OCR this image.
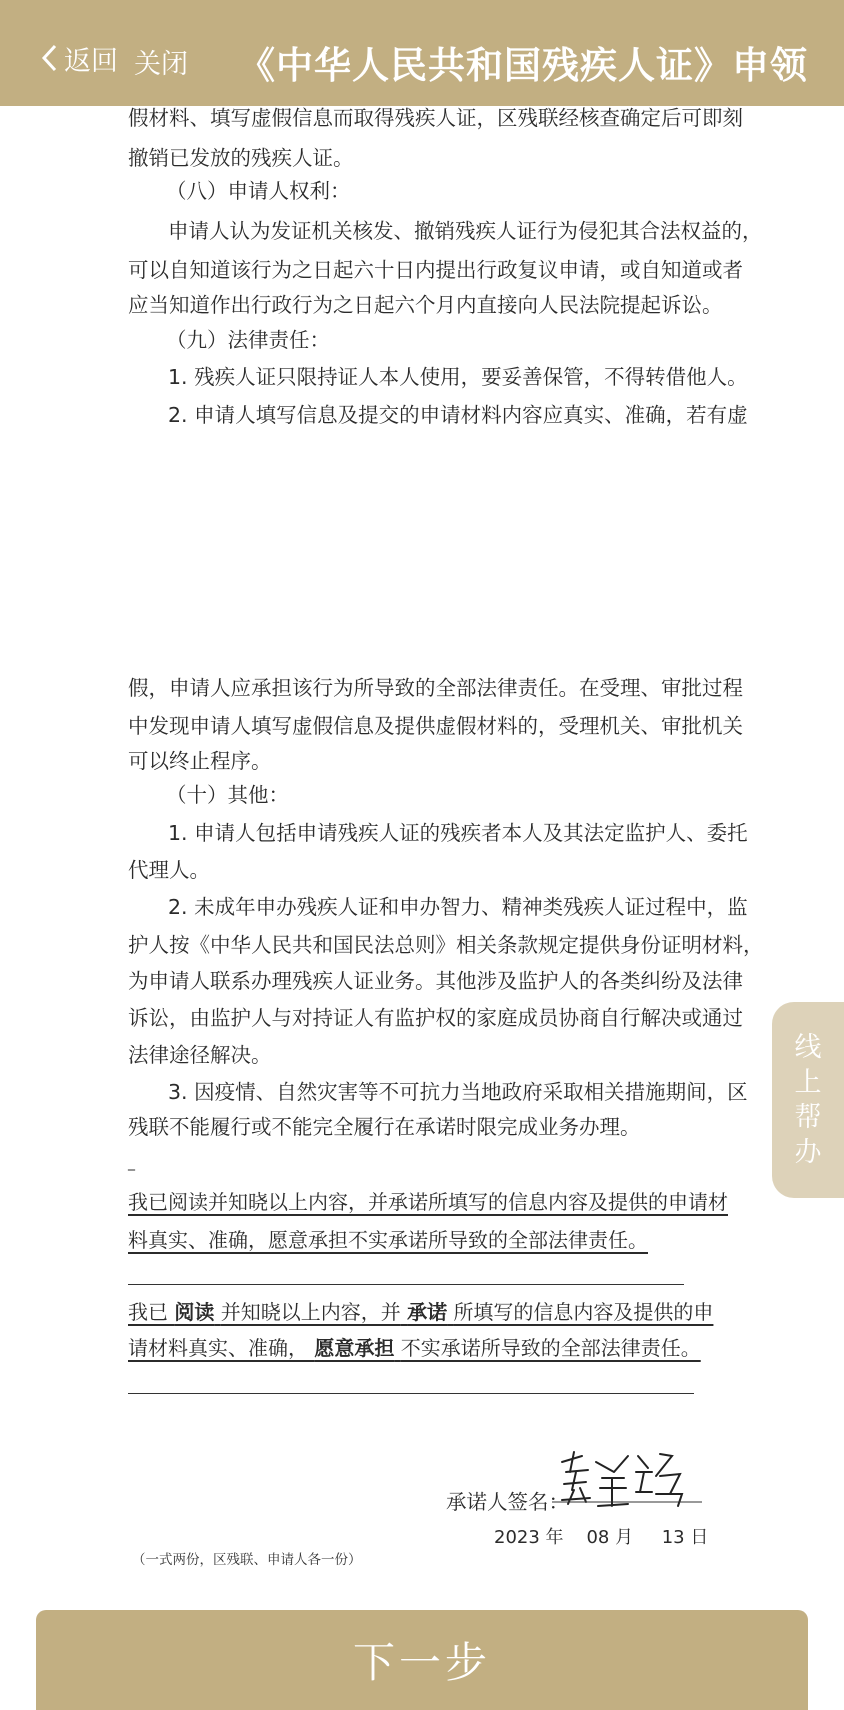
返回 关闭 《中华人民共和国残疾人证》申领
假材料、填写虚假信息而取得残疾人证，区残联经核查确定后可即刻
撤销已发放的残疾人证。
（八）申请人权利：
申请人认为发证机关核发、撤销残疾人证行为侵犯其合法权益的，
可以自知道该行为之日起六十日内提出行政复议申请，或自知道或者
应当知道作出行政行为之日起六个月内直接向人民法院提起诉讼。
（九）法律责任：
1. 残疾人证只限持证人本人使用，要妥善保管，不得转借他人。
2. 申请人填写信息及提交的申请材料内容应真实、准确，若有虚
假，申请人应承担该行为所导致的全部法律责任。在受理、审批过程
中发现申请人填写虚假信息及提供虚假材料的，受理机关、审批机关
可以终止程序。
（十）其他：
1. 申请人包括申请残疾人证的残疾者本人及其法定监护人、委托
代理人。
2. 未成年申办残疾人证和申办智力、精神类残疾人证过程中，监
护人按《中华人民共和国民法总则》相关条款规定提供身份证明材料，
为申请人联系办理残疾人证业务。其他涉及监护人的各类纠纷及法律
诉讼，由监护人与对持证人有监护权的家庭成员协商自行解决或通过
法律途径解决。
3. 因疫情、自然灾害等不可抗力当地政府采取相关措施期间，区
残联不能履行或不能完全履行在承诺时限完成业务办理。
_
我已阅读并知晓以上内容，并承诺所填写的信息内容及提供的申请材
料真实、准确，愿意承担不实承诺所导致的全部法律责任。
我已 阅读 并知晓以上内容，并 承诺 所填写的信息内容及提供的申
请材料真实、准确， 愿意承担 不实承诺所导致的全部法律责任。
承诺人签名：
2023 年 08 月 13 日
（一式两份，区残联、申请人各一份）
线上帮办
下一步
